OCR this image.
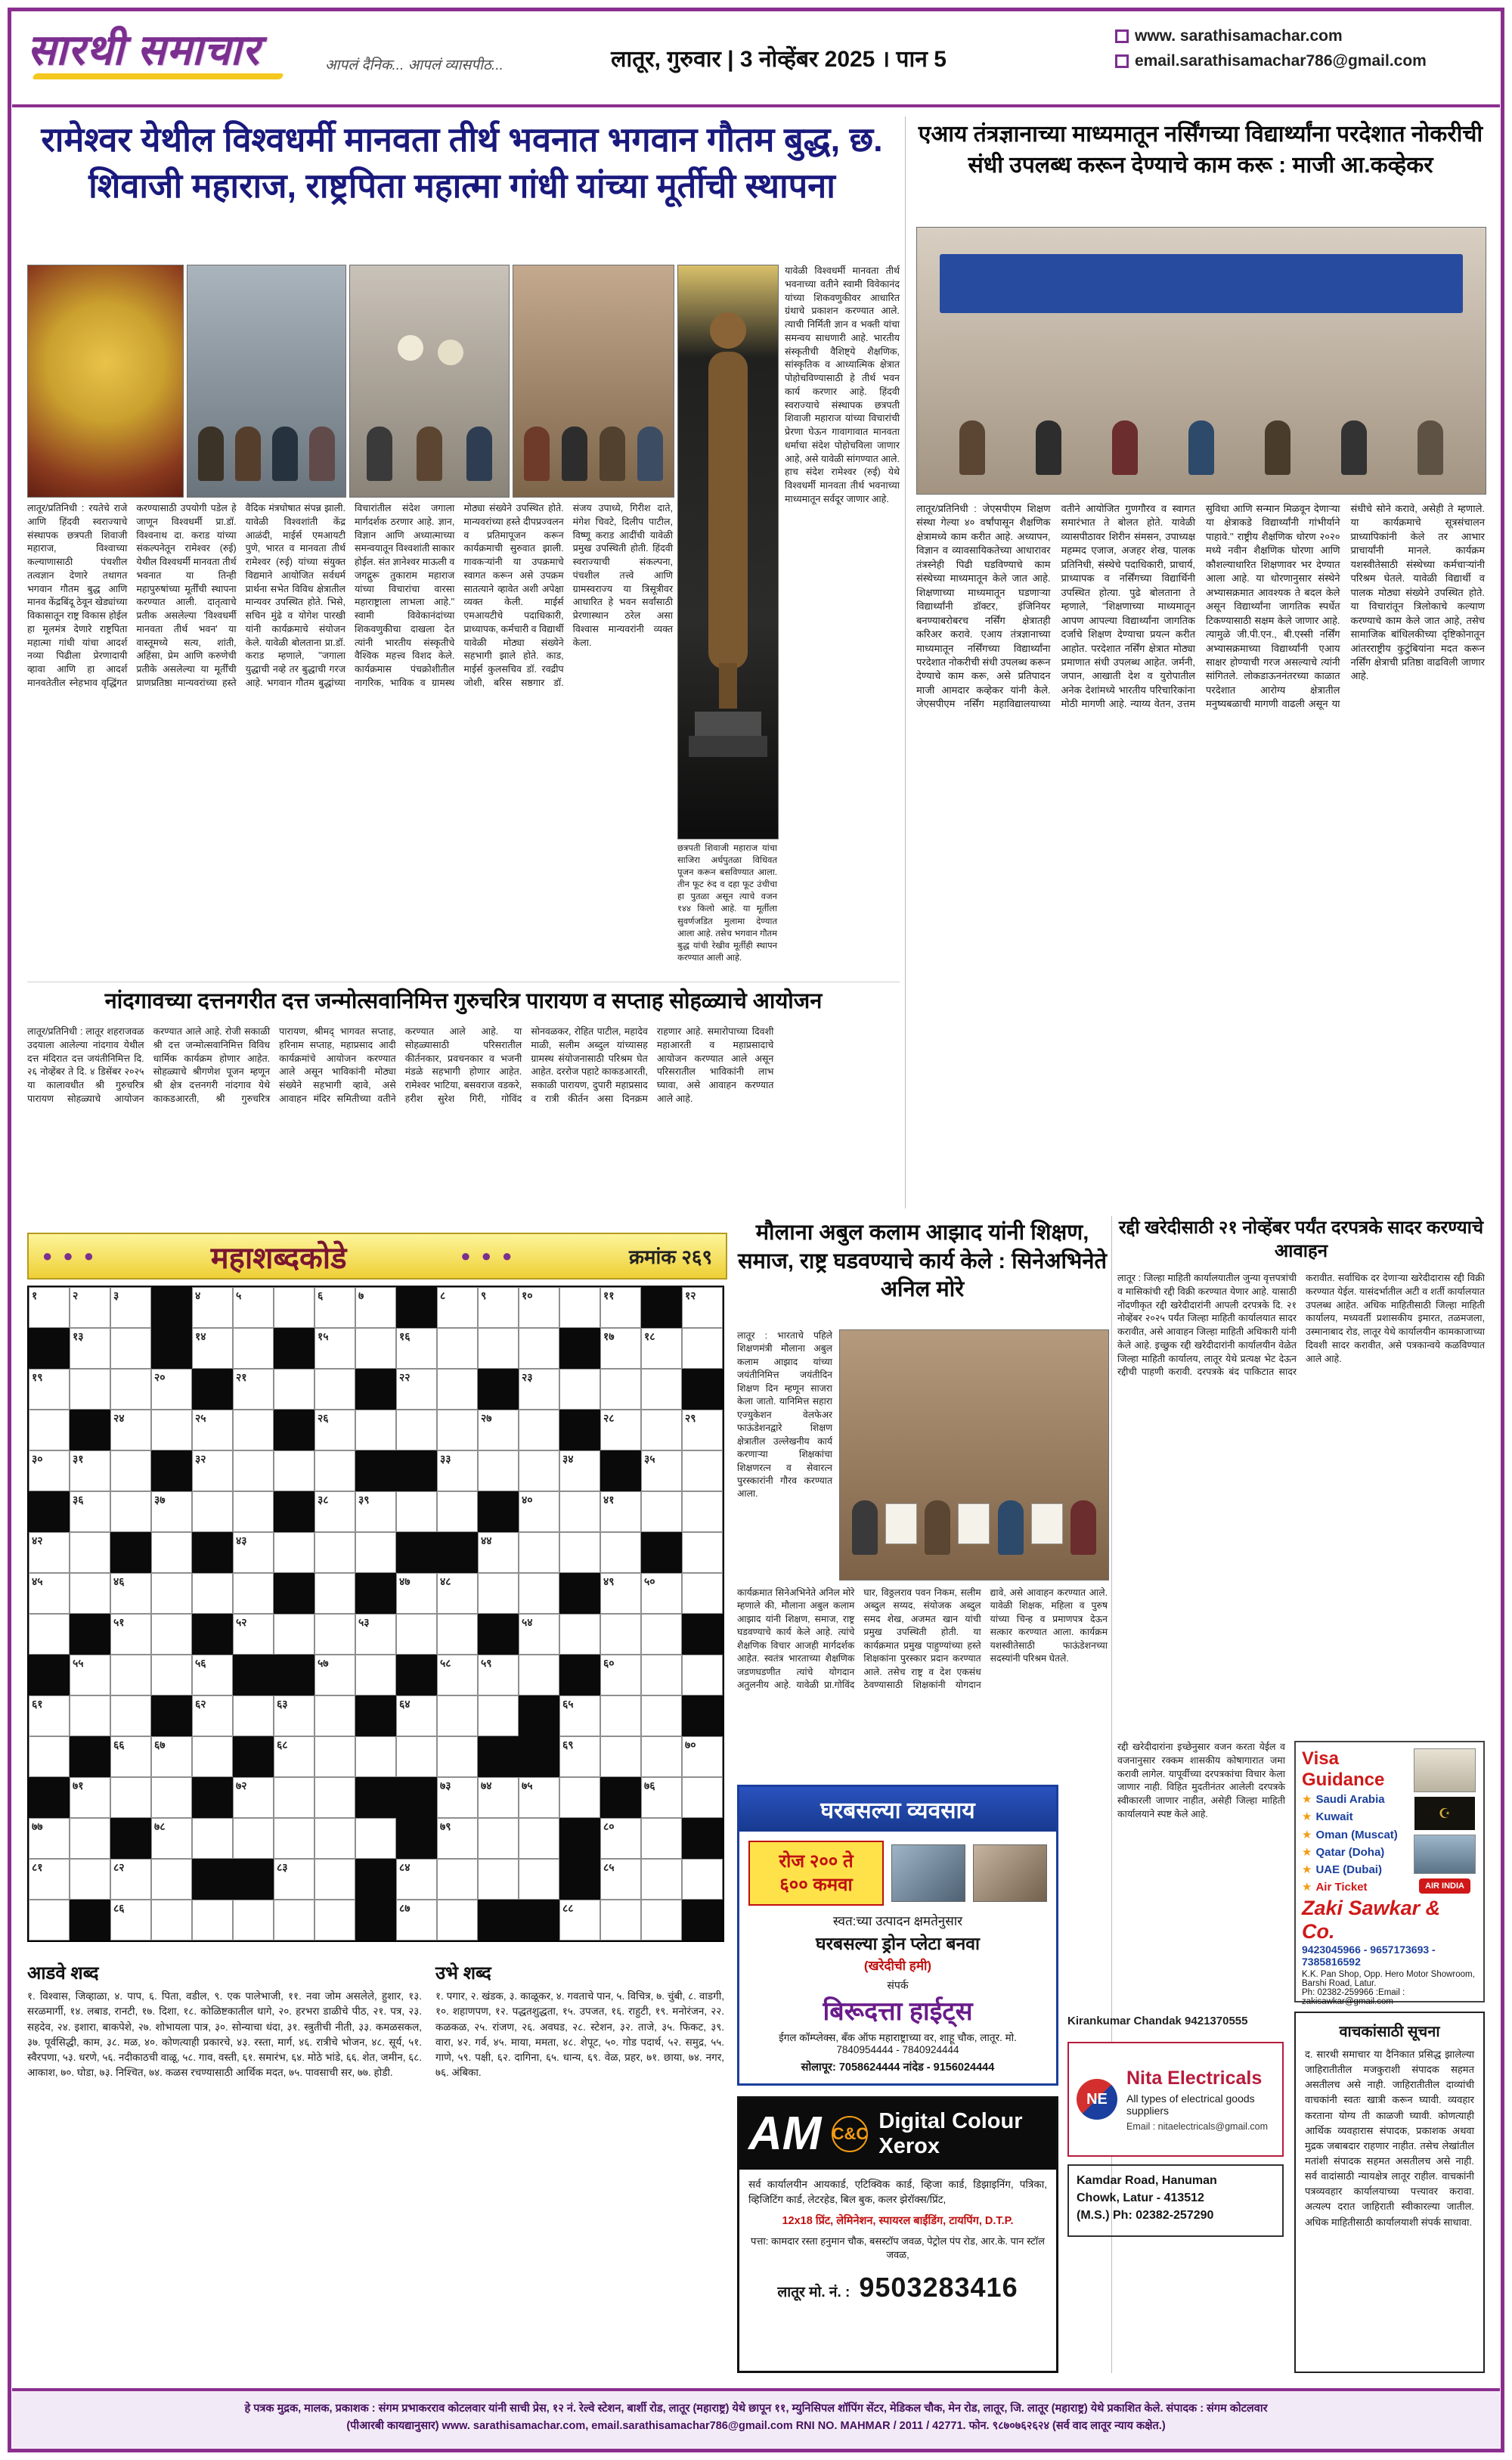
सारथी समाचार	आपलं दैनिक... आपलं व्यासपीठ...	लातूर, गुरुवार | 3 नोव्हेंबर 2025 । पान 5
www. sarathisamachar.com
email.sarathisamachar786@gmail.com
रामेश्वर येथील विश्वधर्मी मानवता तीर्थ भवनात भगवान गौतम बुद्ध, छ. शिवाजी महाराज, राष्ट्रपिता महात्मा गांधी यांच्या मूर्तीची स्थापना
एआय तंत्रज्ञानाच्या माध्यमातून नर्सिंगच्या विद्यार्थ्यांना परदेशात नोकरीची संधी उपलब्ध करून देण्याचे काम करू : माजी आ.कव्हेकर
लातूर/प्रतिनिधी : जेएसपीएम शिक्षण संस्था गेल्या ४० वर्षांपासून शैक्षणिक क्षेत्रामध्ये काम करीत आहे. अध्यापन, विज्ञान व व्यावसायिकतेच्या आधारावर तंत्रस्नेही पिढी घडविण्याचे काम संस्थेच्या माध्यमातून केले जात आहे. शिक्षणाच्या माध्यमातून घडणाऱ्या विद्यार्थ्यांनी डॉक्टर, इंजिनियर बनण्याबरोबरच नर्सिंग क्षेत्रातही करिअर करावे. एआय तंत्रज्ञानाच्या माध्यमातून नर्सिंगच्या विद्यार्थ्यांना परदेशात नोकरीची संधी उपलब्ध करून देण्याचे काम करू, असे प्रतिपादन माजी आमदार कव्हेकर यांनी केले. जेएसपीएम नर्सिंग महाविद्यालयाच्या वतीने आयोजित गुणगौरव व स्वागत समारंभात ते बोलत होते. यावेळी व्यासपीठावर शिरीन संमसन, उपाध्यक्ष महम्मद एजाज, अजहर शेख, पालक प्रतिनिधी, संस्थेचे पदाधिकारी, प्राचार्य, प्राध्यापक व नर्सिंगच्या विद्यार्थिनी उपस्थित होत्या. पुढे बोलताना ते म्हणाले, ''शिक्षणाच्या माध्यमातून आपण आपल्या विद्यार्थ्यांना जागतिक दर्जाचे शिक्षण देण्याचा प्रयत्न करीत आहोत. परदेशात नर्सिंग क्षेत्रात मोठ्या प्रमाणात संधी उपलब्ध आहेत. जर्मनी, जपान, आखाती देश व युरोपातील अनेक देशांमध्ये भारतीय परिचारिकांना मोठी मागणी आहे. न्याय्य वेतन, उत्तम सुविधा आणि सन्मान मिळवून देणाऱ्या या क्षेत्राकडे विद्यार्थ्यांनी गांभीर्याने पाहावे.'' राष्ट्रीय शैक्षणिक धोरण २०२० मध्ये नवीन शैक्षणिक घोरणा आणि कौशल्याधारित शिक्षणावर भर देण्यात आला आहे. या धोरणानुसार संस्थेने अभ्यासक्रमात आवश्यक ते बदल केले असून विद्यार्थ्यांना जागतिक स्पर्धेत टिकण्यासाठी सक्षम केले जाणार आहे. त्यामुळे जी.पी.एन., बी.एस्सी नर्सिंग अभ्यासक्रमाच्या विद्यार्थ्यांनी एआय साक्षर होण्याची गरज असल्याचे त्यांनी सांगितले. लोकडाऊननंतरच्या काळात परदेशात आरोग्य क्षेत्रातील मनुष्यबळाची मागणी वाढली असून या संधीचे सोने करावे, असेही ते म्हणाले. या कार्यक्रमाचे सूत्रसंचालन प्राध्यापिकांनी केले तर आभार प्राचार्यांनी मानले. कार्यक्रम यशस्वीतेसाठी संस्थेच्या कर्मचाऱ्यांनी परिश्रम घेतले. यावेळी विद्यार्थी व पालक मोठ्या संख्येने उपस्थित होते. या विचारांतून त्रिलोकाचे कल्याण करण्याचे काम केले जात आहे, तसेच सामाजिक बांधिलकीच्या दृष्टिकोनातून आंतरराष्ट्रीय कुटुंबियांना मदत करून नर्सिंग क्षेत्राची प्रतिष्ठा वाढविली जाणार आहे.
छत्रपती शिवाजी महाराज यांचा साजिरा अर्धपुतळा विधिवत पूजन करून बसविण्यात आला. तीन फूट रुंद व दहा फूट उंचीचा हा पुतळा असून त्याचे वजन १४४ किलो आहे. या मूर्तीला सुवर्णजडित मुलामा देण्यात आला आहे. तसेच भगवान गौतम बुद्ध यांची रेखीव मूर्तीही स्थापन करण्यात आली आहे.
यावेळी विश्वधर्मी मानवता तीर्थ भवनाच्या वतीने स्वामी विवेकानंद यांच्या शिकवणुकीवर आधारित ग्रंथाचे प्रकाशन करण्यात आले. त्याची निर्मिती ज्ञान व भक्ती यांचा समन्वय साधणारी आहे. भारतीय संस्कृतीची वैशिष्ट्ये शैक्षणिक, सांस्कृतिक व आध्यात्मिक क्षेत्रात पोहोचविण्यासाठी हे तीर्थ भवन कार्य करणार आहे. हिंदवी स्वराज्याचे संस्थापक छत्रपती शिवाजी महाराज यांच्या विचारांची प्रेरणा घेऊन गावागावात मानवता धर्माचा संदेश पोहोचविला जाणार आहे, असे यावेळी सांगण्यात आले. हाच संदेश रामेश्वर (रुई) येथे विश्वधर्मी मानवता तीर्थ भवनाच्या माध्यमातून सर्वदूर जाणार आहे.
लातूर/प्रतिनिधी : रयतेचे राजे आणि हिंदवी स्वराज्याचे संस्थापक छत्रपती शिवाजी महाराज, विश्वाच्या कल्याणासाठी पंचशील तत्वज्ञान देणारे तथागत भगवान गौतम बुद्ध आणि मानव केंद्रबिंदू ठेवून खेड्यांच्या विकासातून राष्ट्र विकास होईल हा मूलमंत्र देणारे राष्ट्रपिता महात्मा गांधी यांचा आदर्श नव्या पिढीला प्रेरणादायी व्हावा आणि हा आदर्श मानवतेतील स्नेहभाव वृद्धिंगत करण्यासाठी उपयोगी पडेल हे जाणून विश्वधर्मी प्रा.डॉ. विश्वनाथ दा. कराड यांच्या संकल्पनेतून रामेश्वर (रुई) येथील विश्वधर्मी मानवता तीर्थ भवनात या तिन्ही महापुरुषांच्या मूर्तींची स्थापना करण्यात आली. दातृत्वाचे प्रतीक असलेल्या 'विश्वधर्मी मानवता तीर्थ भवन' या वास्तूमध्ये सत्य, शांती, अहिंसा, प्रेम आणि करुणेची प्रतीके असलेल्या या मूर्तींची प्राणप्रतिष्ठा मान्यवरांच्या हस्ते वैदिक मंत्रघोषात संपन्न झाली. यावेळी विश्वशांती केंद्र आळंदी, माईर्स एमआयटी पुणे, भारत व मानवता तीर्थ रामेश्वर (रुई) यांच्या संयुक्त विद्यमाने आयोजित सर्वधर्म प्रार्थना सभेत विविध क्षेत्रातील मान्यवर उपस्थित होते. भिसे, सचिन मुंढे व योगेश पारखी यांनी कार्यक्रमाचे संयोजन केले. यावेळी बोलताना प्रा.डॉ. कराड म्हणाले, ''जगाला युद्धाची नव्हे तर बुद्धाची गरज आहे. भगवान गौतम बुद्धांच्या विचारांतील संदेश जगाला मार्गदर्शक ठरणार आहे. ज्ञान, विज्ञान आणि अध्यात्माच्या समन्वयातून विश्वशांती साकार होईल. संत ज्ञानेश्वर माऊली व जगद्गुरू तुकाराम महाराज यांच्या विचारांचा वारसा महाराष्ट्राला लाभला आहे.'' स्वामी विवेकानंदांच्या शिकवणुकीचा दाखला देत त्यांनी भारतीय संस्कृतीचे वैश्विक महत्त्व विशद केले. कार्यक्रमास पंचक्रोशीतील नागरिक, भाविक व ग्रामस्थ मोठ्या संख्येने उपस्थित होते. मान्यवरांच्या हस्ते दीपप्रज्वलन व प्रतिमापूजन करून कार्यक्रमाची सुरुवात झाली. गावकऱ्यांनी या उपक्रमाचे स्वागत करून असे उपक्रम सातत्याने व्हावेत अशी अपेक्षा व्यक्त केली. माईर्स एमआयटीचे पदाधिकारी, प्राध्यापक, कर्मचारी व विद्यार्थी यावेळी मोठ्या संख्येने सहभागी झाले होते. काड, माईर्स कुलसचिव डॉ. रवद्रीप जोशी, बरिस सष्ठगार डॉ. संजय उपाध्ये, गिरीश दाते, मंगेश चिवटे, दिलीप पाटील, विष्णू कराड आदींची यावेळी प्रमुख उपस्थिती होती. हिंदवी स्वराज्याची संकल्पना, पंचशील तत्त्वे आणि ग्रामस्वराज्य या त्रिसूत्रीवर आधारित हे भवन सर्वांसाठी प्रेरणास्थान ठरेल असा विश्वास मान्यवरांनी व्यक्त केला.
नांदगावच्या दत्तनगरीत दत्त जन्मोत्सवानिमित्त गुरुचरित्र पारायण व सप्ताह सोहळ्याचे आयोजन
लातूर/प्रतिनिधी : लातूर शहराजवळ उदयाला आलेल्या नांदगाव येथील दत्त मंदिरात दत्त जयंतीनिमित्त दि. २६ नोव्हेंबर ते दि. ४ डिसेंबर २०२५ या कालावधीत श्री गुरुचरित्र पारायण सोहळ्याचे आयोजन करण्यात आले आहे. रोजी सकाळी श्री दत्त जन्मोत्सवानिमित्त विविध धार्मिक कार्यक्रम होणार आहेत. सोहळ्याचे श्रीगणेश पूजन म्हणून श्री क्षेत्र दत्तनगरी नांदगाव येथे काकडआरती, श्री गुरुचरित्र पारायण, श्रीमद् भागवत सप्ताह, हरिनाम सप्ताह, महाप्रसाद आदी कार्यक्रमांचे आयोजन करण्यात आले असून भाविकांनी मोठ्या संख्येने सहभागी व्हावे, असे आवाहन मंदिर समितीच्या वतीने करण्यात आले आहे. या सोहळ्यासाठी परिसरातील कीर्तनकार, प्रवचनकार व भजनी मंडळे सहभागी होणार आहेत. रामेश्वर भाटिया, बसवराज वडकरे, हरीश सुरेश गिरी, गोविंद सोनवळकर, रोहित पाटील, महादेव माळी, सलीम अब्दुल यांच्यासह ग्रामस्थ संयोजनासाठी परिश्रम घेत आहेत. दररोज पहाटे काकडआरती, सकाळी पारायण, दुपारी महाप्रसाद व रात्री कीर्तन असा दिनक्रम राहणार आहे. समारोपाच्या दिवशी महाआरती व महाप्रसादाचे आयोजन करण्यात आले असून परिसरातील भाविकांनी लाभ घ्यावा, असे आवाहन करण्यात आले आहे.
● ● ●	महाशब्दकोडे	● ● ●	क्रमांक २६९
१	२	३	४	५	६	७	८	९	१०	११	१२
१३	१४	१५	१६	१७	१८
१९	२०	२१	२२	२३
२४	२५	२६	२७	२८	२९
३०	३१	३२	३३	३४	३५
३६	३७	३८	३९	४०	४१
४२	४३	४४
४५	४६	४७	४८	४९	५०
५१	५२	५३	५४
५५	५६	५७	५८	५९	६०
६१	६२	६३	६४	६५
६६	६७	६८	६९	७०
७१	७२	७३	७४	७५	७६
७७	७८	७९	८०
८१	८२	८३	८४	८५
८६	८७	८८
आडवे शब्द
१. विश्वास, जिव्हाळा, ४. पाप, ६. पिता, वडील, ९. एक पालेभाजी, ११. नवा जोम असलेले, हुशार, १३. सरळमार्गी, १४. लबाड, रानटी, १७. दिशा, १८. कोळिष्टकातील धागे, २०. हरभरा डाळीचे पीठ, २१. पत्र, २३. सहदेव, २४. इशारा, बाकपेशे, २७. शोभायला पात्र, ३०. सोन्याचा धंदा, ३१. स्त्रुतीची नीती, ३३. कमळसकल, ३७. पूर्वसिद्धी, काम, ३८. मळ, ४०. कोणत्याही प्रकारचे, ४३. रस्ता, मार्ग, ४६. रात्रीचे भोजन, ४८. सूर्य, ५१. स्वैरपणा, ५३. धरणे, ५६. नदीकाठची वाळू, ५८. गाव, वस्ती, ६१. समारंभ, ६४. मोठे भांडे, ६६. शेत, जमीन, ६८. आकाश, ७०. घोडा, ७३. निश्चित, ७४. कळस रचण्यासाठी आर्थिक मदत, ७५. पावसाची सर, ७७. होडी.
उभे शब्द
१. पगार, २. खंडक, ३. काळूकर, ४. गवताचे पान, ५. विचित्र, ७. चुंबी, ८. वाडगी, १०. शहाणपण, १२. पद्धतशुद्धता, १५. उपजत, १६. राहुटी, १९. मनोरंजन, २२. कळकळ, २५. रांजण, २६. अवघड, २८. स्टेशन, ३२. ताजे, ३५. फिकट, ३९. वारा, ४२. गर्व, ४५. माया, ममता, ४८. शेपूट, ५०. गोड पदार्थ, ५२. समुद्र, ५५. गाणे, ५९. पक्षी, ६२. दागिना, ६५. धान्य, ६९. वेळ, प्रहर, ७१. छाया, ७४. नगर, ७६. अंबिका.
मौलाना अबुल कलाम आझाद यांनी शिक्षण, समाज, राष्ट्र घडवण्याचे कार्य केले : सिनेअभिनेते अनिल मोरे
लातूर : भारताचे पहिले शिक्षणमंत्री मौलाना अबुल कलाम आझाद यांच्या जयंतीनिमित्त जयंतीदिन शिक्षण दिन म्हणून साजरा केला जातो. यानिमित्त सहारा एज्युकेशन वेलफेअर फाऊंडेशनद्वारे शिक्षण क्षेत्रातील उल्लेखनीय कार्य करणाऱ्या शिक्षकांचा शिक्षणरत्न व सेवारत्न पुरस्कारांनी गौरव करण्यात आला.
कार्यक्रमात सिनेअभिनेते अनिल मोरे म्हणाले की, मौलाना अबुल कलाम आझाद यांनी शिक्षण, समाज, राष्ट्र घडवण्याचे कार्य केले आहे. त्यांचे शैक्षणिक विचार आजही मार्गदर्शक आहेत. स्वतंत्र भारताच्या शैक्षणिक जडणघडणीत त्यांचे योगदान अतुलनीय आहे. यावेळी प्रा.गोविंद घार, विठ्ठलराव पवन निकम, सलीम अब्दुल सय्यद, संयोजक अब्दुल समद शेख, अजमत खान यांची प्रमुख उपस्थिती होती. या कार्यक्रमात प्रमुख पाहुण्यांच्या हस्ते शिक्षकांना पुरस्कार प्रदान करण्यात आले. तसेच राष्ट्र व देश एकसंध ठेवण्यासाठी शिक्षकांनी योगदान द्यावे, असे आवाहन करण्यात आले. यावेळी शिक्षक, महिला व पुरुष यांच्या चिन्ह व प्रमाणपत्र देऊन सत्कार करण्यात आला. कार्यक्रम यशस्वीतेसाठी फाऊंडेशनच्या सदस्यांनी परिश्रम घेतले.
घरबसल्या व्यवसाय
रोज २०० ते
६०० कमवा
स्वत:च्या उत्पादन क्षमतेनुसार
घरबसल्या ड्रोन प्लेटा बनवा
(खरेदीची हमी)
संपर्क
बिरूदत्ता हाईट्स
ईगल कॉम्प्लेक्स, बँक ऑफ महाराष्ट्राच्या वर, शाहू चौक, लातूर. मो. 7840954444 - 7840924444
सोलापूर: 7058624444 नांदेड - 9156024444
AM C&C
Digital Colour Xerox
सर्व कार्यालयीन आयकार्ड, एटिक्विक कार्ड, व्हिजा कार्ड, डिझाइनिंग, पत्रिका, व्हिजिटिंग कार्ड, लेटरहेड, बिल बुक, कलर झेरॉक्स/प्रिंट,
12x18 प्रिंट, लेमिनेशन, स्पायरल बाईंडिंग, टायपिंग, D.T.P.
पत्ता: कामदार रस्ता हनुमान चौक, बसस्टॉप जवळ, पेट्रोल पंप रोड, आर.के. पान स्टॉल जवळ,
लातूर मो. नं. : 9503283416
रद्दी खरेदीसाठी २१ नोव्हेंबर पर्यंत दरपत्रके सादर करण्याचे आवाहन
लातूर : जिल्हा माहिती कार्यालयातील जुन्या वृत्तपत्रांची व मासिकांची रद्दी विक्री करण्यात येणार आहे. यासाठी नोंदणीकृत रद्दी खरेदीदारांनी आपली दरपत्रके दि. २१ नोव्हेंबर २०२५ पर्यंत जिल्हा माहिती कार्यालयात सादर करावीत, असे आवाहन जिल्हा माहिती अधिकारी यांनी केले आहे. इच्छुक रद्दी खरेदीदारांनी कार्यालयीन वेळेत जिल्हा माहिती कार्यालय, लातूर येथे प्रत्यक्ष भेट देऊन रद्दीची पाहणी करावी. दरपत्रके बंद पाकिटात सादर करावीत. सर्वाधिक दर देणाऱ्या खरेदीदारास रद्दी विक्री करण्यात येईल. यासंदर्भातील अटी व शर्ती कार्यालयात उपलब्ध आहेत. अधिक माहितीसाठी जिल्हा माहिती कार्यालय, मध्यवर्ती प्रशासकीय इमारत, तळमजला, उस्मानाबाद रोड, लातूर येथे कार्यालयीन कामकाजाच्या दिवशी सादर करावीत, असे पत्रकान्वये कळविण्यात आले आहे.
रद्दी खरेदीदारांना इच्छेनुसार वजन करता येईल व वजनानुसार रक्कम शासकीय कोषागारात जमा करावी लागेल. यापूर्वीच्या दरपत्रकांचा विचार केला जाणार नाही. विहित मुदतीनंतर आलेली दरपत्रके स्वीकारली जाणार नाहीत, असेही जिल्हा माहिती कार्यालयाने स्पष्ट केले आहे.
Visa Guidance
★ Saudi Arabia
★ Kuwait
★ Oman (Muscat)
★ Qatar (Doha)
★ UAE (Dubai)
★ Air Ticket
☪
AIR INDIA
Zaki Sawkar & Co.
9423045966 - 9657173693 - 7385816592
K.K. Pan Shop, Opp. Hero Motor Showroom, Barshi Road, Latur.
Ph: 02382-259966 :Email : zakisawkar@gmail.com
Kirankumar Chandak 9421370555
NE
Nita Electricals
All types of electrical goods suppliers
Email : nitaelectricals@gmail.com
Kamdar Road, Hanuman
Chowk, Latur - 413512
(M.S.) Ph: 02382-257290
वाचकांसाठी सूचना
द. सारथी समाचार या दैनिकात प्रसिद्ध झालेल्या जाहिरातीतील मजकुराशी संपादक सहमत असतीलच असे नाही. जाहिरातीतील दाव्यांची वाचकांनी स्वतः खात्री करून घ्यावी. व्यवहार करताना योग्य ती काळजी घ्यावी. कोणत्याही आर्थिक व्यवहारास संपादक, प्रकाशक अथवा मुद्रक जबाबदार राहणार नाहीत. तसेच लेखांतील मतांशी संपादक सहमत असतीलच असे नाही. सर्व वादांसाठी न्यायक्षेत्र लातूर राहील. वाचकांनी पत्रव्यवहार कार्यालयाच्या पत्त्यावर करावा. अत्यल्प दरात जाहिराती स्वीकारल्या जातील. अधिक माहितीसाठी कार्यालयाशी संपर्क साधावा.
हे पत्रक मुद्रक, मालक, प्रकाशक : संगम प्रभाकरराव कोटलवार यांनी साची प्रेस, १२ नं. रेल्वे स्टेशन, बार्शी रोड, लातूर (महाराष्ट्र) येथे छापून ११, म्युनिसिपल शॉपिंग सेंटर, मेडिकल चौक, मेन रोड, लातूर, जि. लातूर (महाराष्ट्र) येथे प्रकाशित केले. संपादक : संगम कोटलवार
(पीआरबी कायद्यानुसार) www. sarathisamachar.com, email.sarathisamachar786@gmail.com RNI NO. MAHMAR / 2011 / 42771. फोन. ९८७०७६२६२४ (सर्व वाद लातूर न्याय कक्षेत.)
